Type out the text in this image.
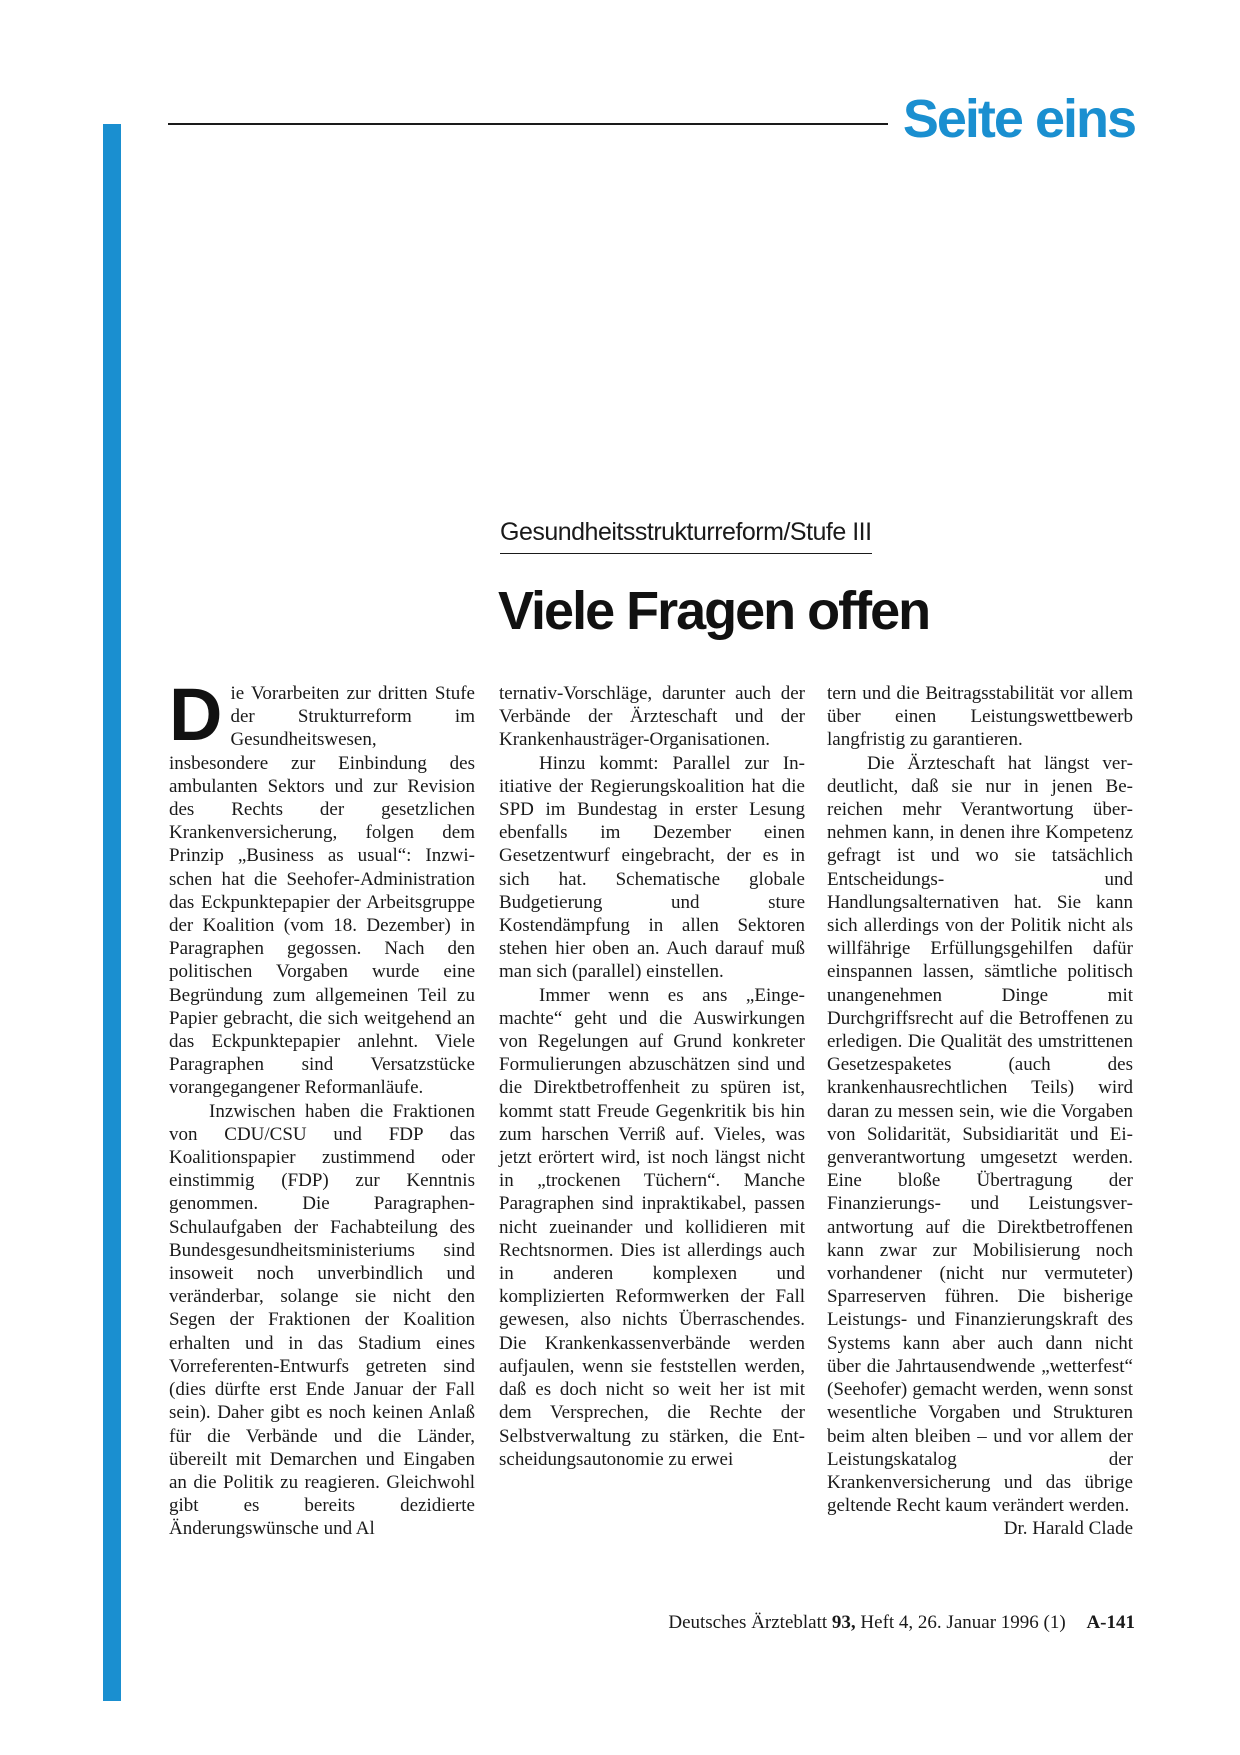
Seite eins
Gesundheitsstrukturreform/Stufe III
Viele Fragen offen

Die Vorarbeiten zur dritten Stufe der Strukturreform im Gesundheitswesen, insbesondere zur Einbindung des ambulanten Sektors und zur Revision des Rechts der gesetzlichen Krankenversicherung, folgen dem Prinzip „Business as usual“: Inzwischen hat die Seehofer-Administration das Eckpunktepapier der Arbeitsgruppe der Koalition (vom 18. Dezember) in Paragraphen gegossen. Nach den politischen Vorgaben wurde eine Begründung zum allgemeinen Teil zu Papier gebracht, die sich weitgehend an das Eckpunktepapier anlehnt. Viele Paragraphen sind Versatzstücke vorangegangener Reformanläufe.

Inzwischen haben die Fraktionen von CDU/CSU und FDP das Koalitionspapier zustimmend oder einstimmig (FDP) zur Kenntnis genommen. Die Paragraphen-Schulaufgaben der Fachabteilung des Bundesgesundheitsministeriums sind insoweit noch unverbindlich und veränderbar, solange sie nicht den Segen der Fraktionen der Koalition erhalten und in das Stadium eines Vorreferenten-Entwurfs getreten sind (dies dürfte erst Ende Januar der Fall sein). Daher gibt es noch keinen Anlaß für die Verbände und die Länder, übereilt mit Demarchen und Eingaben an die Politik zu reagieren. Gleichwohl gibt es bereits dezidierte Änderungswünsche und Al

ternativ-Vorschläge, darunter auch der Verbände der Ärzteschaft und der Krankenhausträger-Organisationen.

Hinzu kommt: Parallel zur Initiative der Regierungskoalition hat die SPD im Bundestag in erster Lesung ebenfalls im Dezember einen Gesetzentwurf eingebracht, der es in sich hat. Schematische globale Budgetierung und sture Kostendämpfung in allen Sektoren stehen hier oben an. Auch darauf muß man sich (parallel) einstellen.

Immer wenn es ans „Eingemachte“ geht und die Auswirkungen von Regelungen auf Grund konkreter Formulierungen abzuschätzen sind und die Direktbetroffenheit zu spüren ist, kommt statt Freude Gegenkritik bis hin zum harschen Verriß auf. Vieles, was jetzt erörtert wird, ist noch längst nicht in „trockenen Tüchern“. Manche Paragraphen sind inpraktikabel, passen nicht zueinander und kollidieren mit Rechtsnormen. Dies ist allerdings auch in anderen komplexen und komplizierten Reformwerken der Fall gewesen, also nichts Überraschendes. Die Krankenkassenverbände werden aufjaulen, wenn sie feststellen werden, daß es doch nicht so weit her ist mit dem Versprechen, die Rechte der Selbstverwaltung zu stärken, die Entscheidungsautonomie zu erwei

tern und die Beitragsstabilität vor allem über einen Leistungswettbewerb langfristig zu garantieren.

Die Ärzteschaft hat längst verdeutlicht, daß sie nur in jenen Bereichen mehr Verantwortung übernehmen kann, in denen ihre Kompetenz gefragt ist und wo sie tatsächlich Entscheidungs- und Handlungsalternativen hat. Sie kann sich allerdings von der Politik nicht als willfährige Erfüllungsgehilfen dafür einspannen lassen, sämtliche politisch unangenehmen Dinge mit Durchgriffsrecht auf die Betroffenen zu erledigen. Die Qualität des umstrittenen Gesetzespaketes (auch des krankenhausrechtlichen Teils) wird daran zu messen sein, wie die Vorgaben von Solidarität, Subsidiarität und Eigenverantwortung umgesetzt werden. Eine bloße Übertragung der Finanzierungs- und Leistungsverantwortung auf die Direktbetroffenen kann zwar zur Mobilisierung noch vorhandener (nicht nur vermuteter) Sparreserven führen. Die bisherige Leistungs- und Finanzierungskraft des Systems kann aber auch dann nicht über die Jahrtausendwende „wetterfest“ (Seehofer) gemacht werden, wenn sonst wesentliche Vorgaben und Strukturen beim alten bleiben – und vor allem der Leistungskatalog der Krankenversicherung und das übrige geltende Recht kaum verändert werden.
Dr. Harald Clade

Deutsches Ärzteblatt 93, Heft 4, 26. Januar 1996 (1) A-141
